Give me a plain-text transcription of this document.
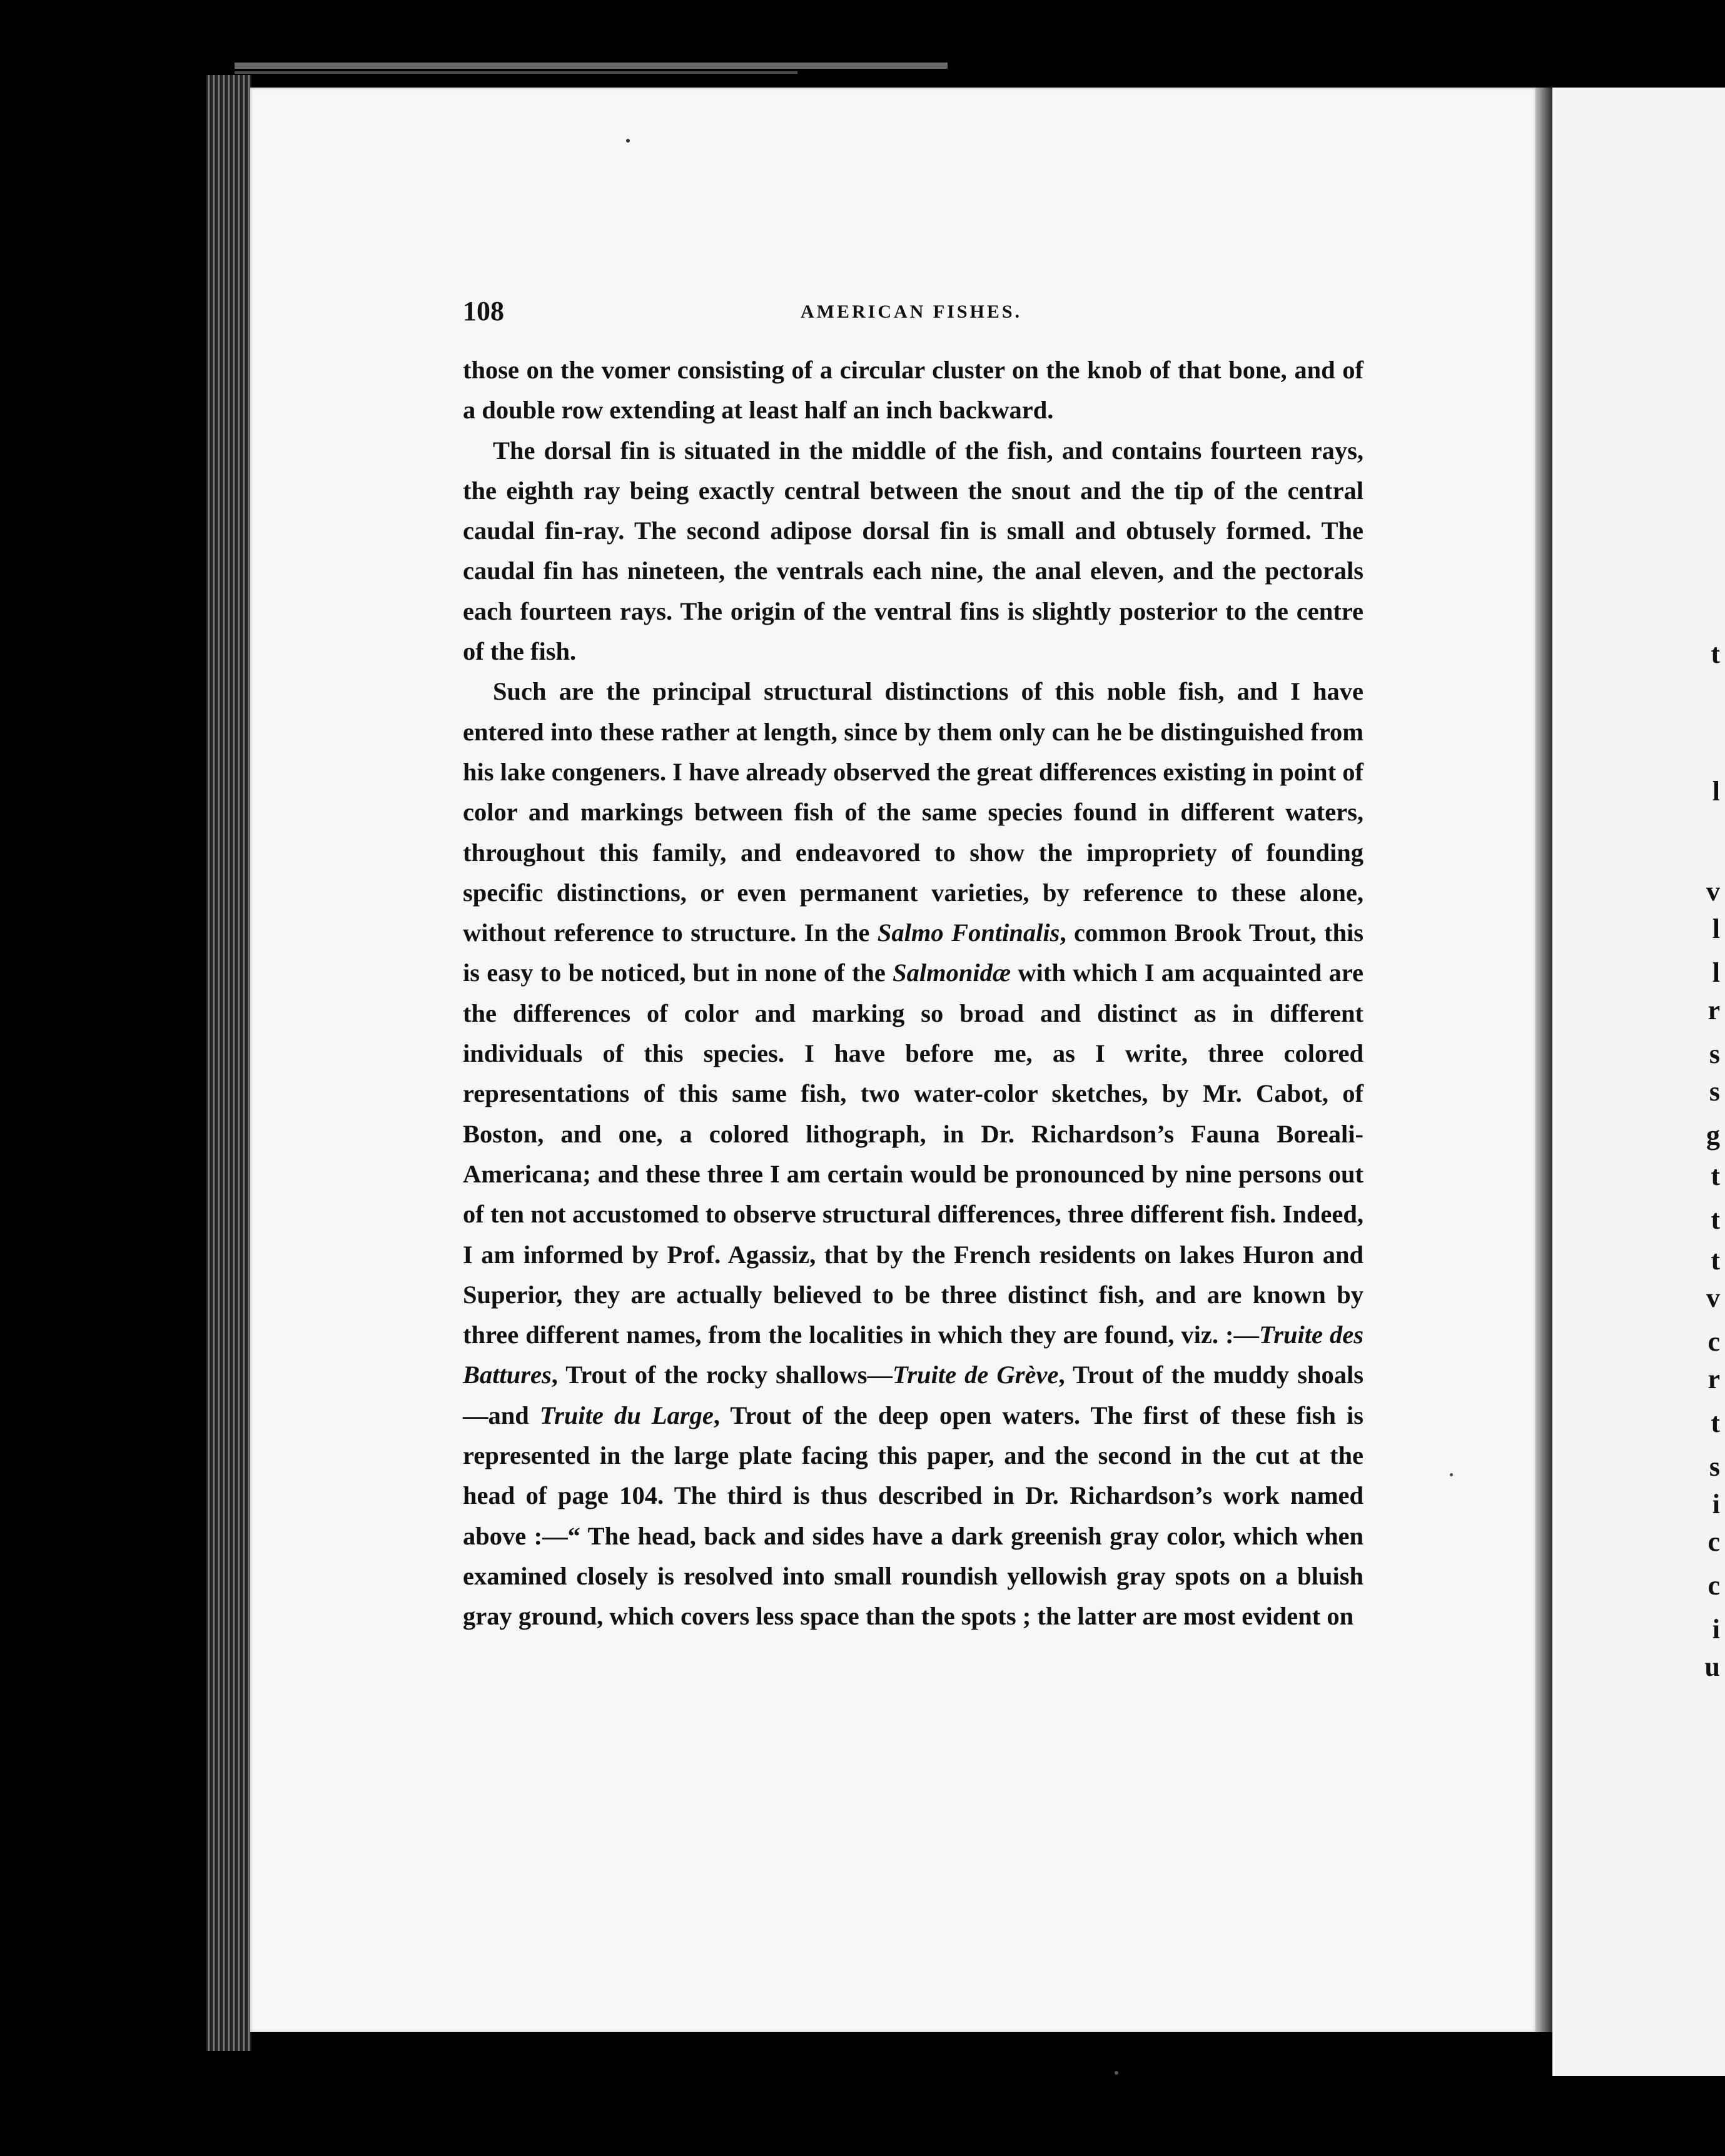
t
l
v
l
l
r
s
s
g
t
t
t
v
c
r
t
s
i
c
c
i
u
108	AMERICAN FISHES.

those on the vomer consisting of a circular cluster on the knob of that bone, and of a double row extending at least half an inch backward.

The dorsal fin is situated in the middle of the fish, and contains fourteen rays, the eighth ray being exactly central between the snout and the tip of the central caudal fin-ray. The second adipose dorsal fin is small and obtusely formed. The caudal fin has nineteen, the ventrals each nine, the anal eleven, and the pectorals each fourteen rays. The origin of the ventral fins is slightly posterior to the centre of the fish.

Such are the principal structural distinctions of this noble fish, and I have entered into these rather at length, since by them only can he be distinguished from his lake congeners. I have already observed the great differences existing in point of color and markings between fish of the same species found in different waters, throughout this family, and endeavored to show the impropriety of founding specific distinctions, or even permanent varieties, by reference to these alone, without reference to structure. In the Salmo Fontinalis, common Brook Trout, this is easy to be noticed, but in none of the Salmonidæ with which I am acquainted are the differences of color and marking so broad and distinct as in different individuals of this species. I have before me, as I write, three colored representations of this same fish, two water-color sketches, by Mr. Cabot, of Boston, and one, a colored lithograph, in Dr. Richardson’s Fauna Boreali-Americana; and these three I am certain would be pronounced by nine persons out of ten not accustomed to observe structural differences, three different fish. Indeed, I am informed by Prof. Agassiz, that by the French residents on lakes Huron and Superior, they are actually believed to be three distinct fish, and are known by three different names, from the localities in which they are found, viz. :—Truite des Battures, Trout of the rocky shallows—Truite de Grève, Trout of the muddy shoals—and Truite du Large, Trout of the deep open waters. The first of these fish is represented in the large plate facing this paper, and the second in the cut at the head of page 104. The third is thus described in Dr. Richardson’s work named above :—“ The head, back and sides have a dark greenish gray color, which when examined closely is resolved into small roundish yellowish gray spots on a bluish gray ground, which covers less space than the spots ; the latter are most evident on
